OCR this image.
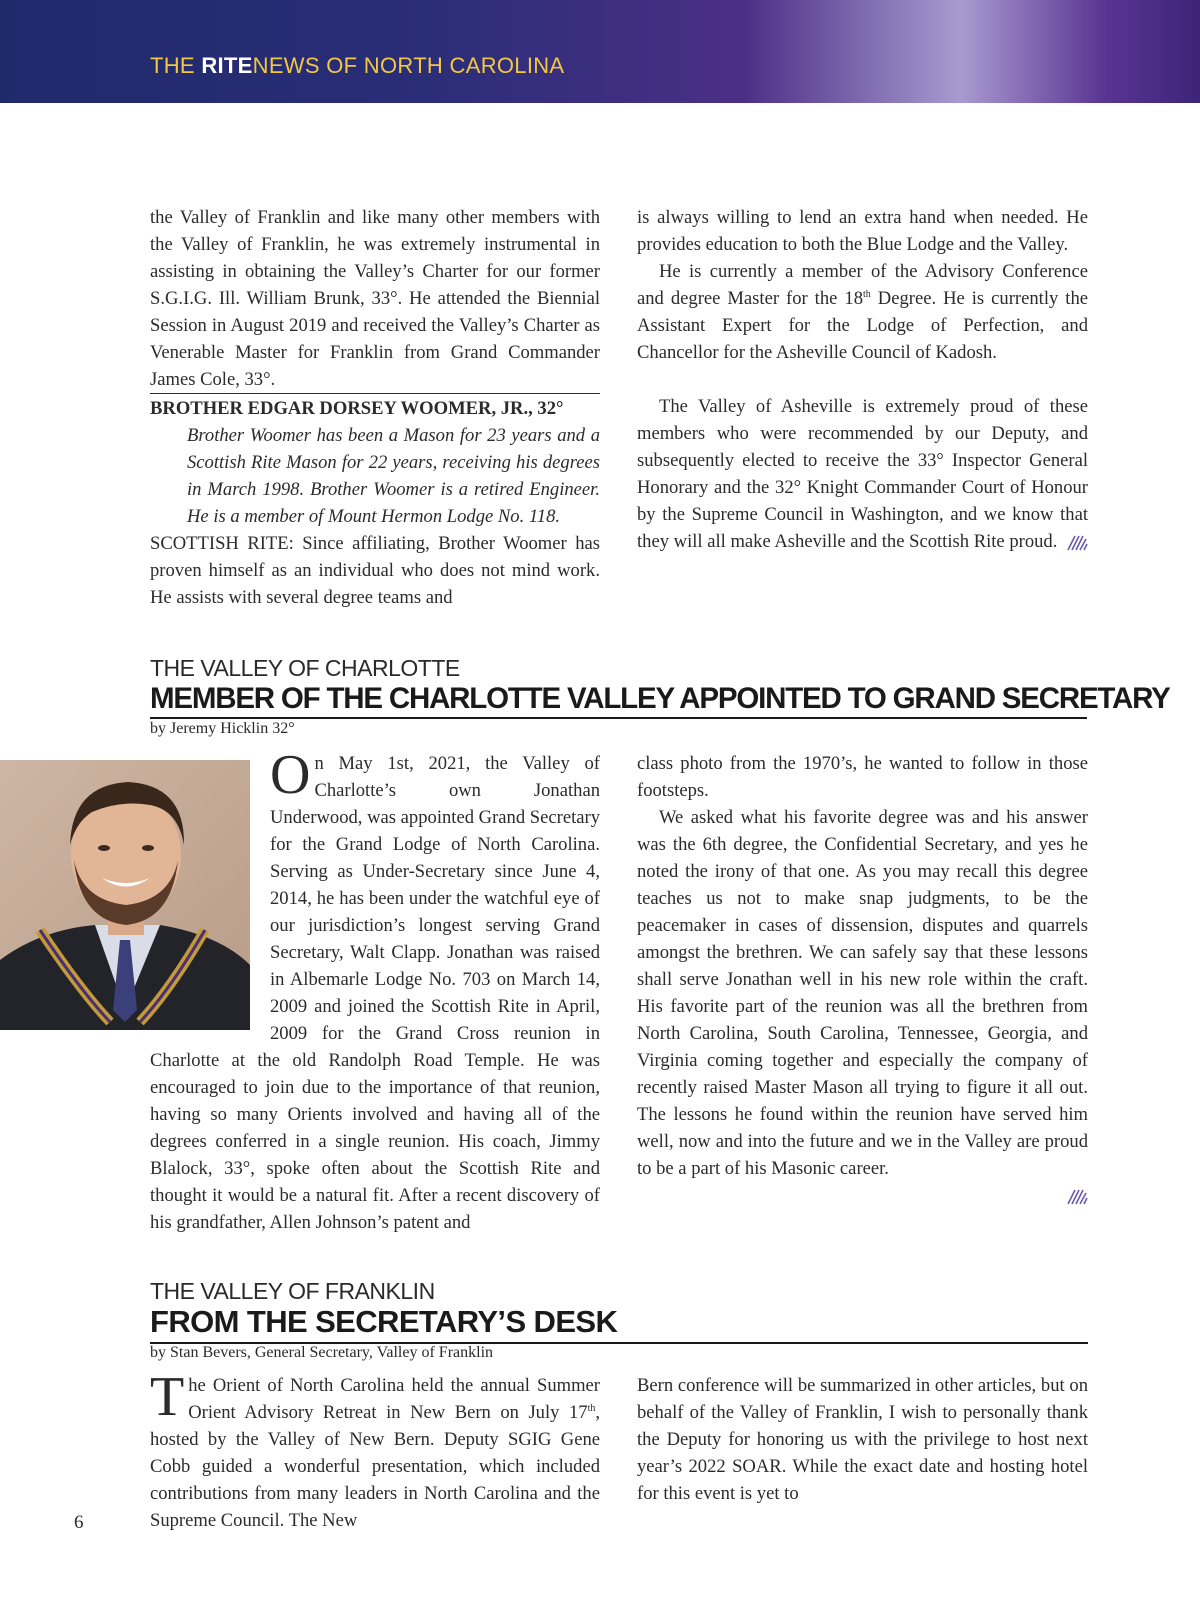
THE RITENEWS OF NORTH CAROLINA

the Valley of Franklin and like many other members with the Valley of Franklin, he was extremely instrumental in assisting in obtaining the Valley’s Charter for our former S.G.I.G. Ill. William Brunk, 33°. He attended the Biennial Session in August 2019 and received the Valley’s Charter as Venerable Master for Franklin from Grand Commander James Cole, 33°.

BROTHER EDGAR DORSEY WOOMER, JR., 32°

Brother Woomer has been a Mason for 23 years and a Scottish Rite Mason for 22 years, receiving his degrees in March 1998. Brother Woomer is a retired Engineer. He is a member of Mount Hermon Lodge No. 118.

SCOTTISH RITE: Since affiliating, Brother Woomer has proven himself as an individual who does not mind work. He assists with several degree teams and

is always willing to lend an extra hand when needed. He provides education to both the Blue Lodge and the Valley.

He is currently a member of the Advisory Conference and degree Master for the 18th Degree. He is currently the Assistant Expert for the Lodge of Perfection, and Chancellor for the Asheville Council of Kadosh.

The Valley of Asheville is extremely proud of these members who were recommended by our Deputy, and subsequently elected to receive the 33° Inspector General Honorary and the 32° Knight Commander Court of Honour by the Supreme Council in Washington, and we know that they will all make Asheville and the Scottish Rite proud.

THE VALLEY OF CHARLOTTE
MEMBER OF THE CHARLOTTE VALLEY APPOINTED TO GRAND SECRETARY
by Jeremy Hicklin 32°

On May 1st, 2021, the Valley of Charlotte’s own Jonathan Underwood, was appointed Grand Secretary for the Grand Lodge of North Carolina. Serving as Under-Secretary since June 4, 2014, he has been under the watchful eye of our jurisdiction’s longest serving Grand Secretary, Walt Clapp. Jonathan was raised in Albemarle Lodge No. 703 on March 14, 2009 and joined the Scottish Rite in April, 2009 for the Grand Cross reunion in Charlotte at the old Randolph Road Temple. He was encouraged to join due to the importance of that reunion, having so many Orients involved and having all of the degrees conferred in a single reunion. His coach, Jimmy Blalock, 33°, spoke often about the Scottish Rite and thought it would be a natural fit. After a recent discovery of his grandfather, Allen Johnson’s patent and

class photo from the 1970’s, he wanted to follow in those footsteps.

We asked what his favorite degree was and his answer was the 6th degree, the Confidential Secretary, and yes he noted the irony of that one. As you may recall this degree teaches us not to make snap judgments, to be the peacemaker in cases of dissension, disputes and quarrels amongst the brethren. We can safely say that these lessons shall serve Jonathan well in his new role within the craft. His favorite part of the reunion was all the brethren from North Carolina, South Carolina, Tennessee, Georgia, and Virginia coming together and especially the company of recently raised Master Mason all trying to figure it all out. The lessons he found within the reunion have served him well, now and into the future and we in the Valley are proud to be a part of his Masonic career.

THE VALLEY OF FRANKLIN
FROM THE SECRETARY’S DESK
by Stan Bevers, General Secretary, Valley of Franklin

The Orient of North Carolina held the annual Summer Orient Advisory Retreat in New Bern on July 17th, hosted by the Valley of New Bern. Deputy SGIG Gene Cobb guided a wonderful presentation, which included contributions from many leaders in North Carolina and the Supreme Council. The New

Bern conference will be summarized in other articles, but on behalf of the Valley of Franklin, I wish to personally thank the Deputy for honoring us with the privilege to host next year’s 2022 SOAR. While the exact date and hosting hotel for this event is yet to

6
